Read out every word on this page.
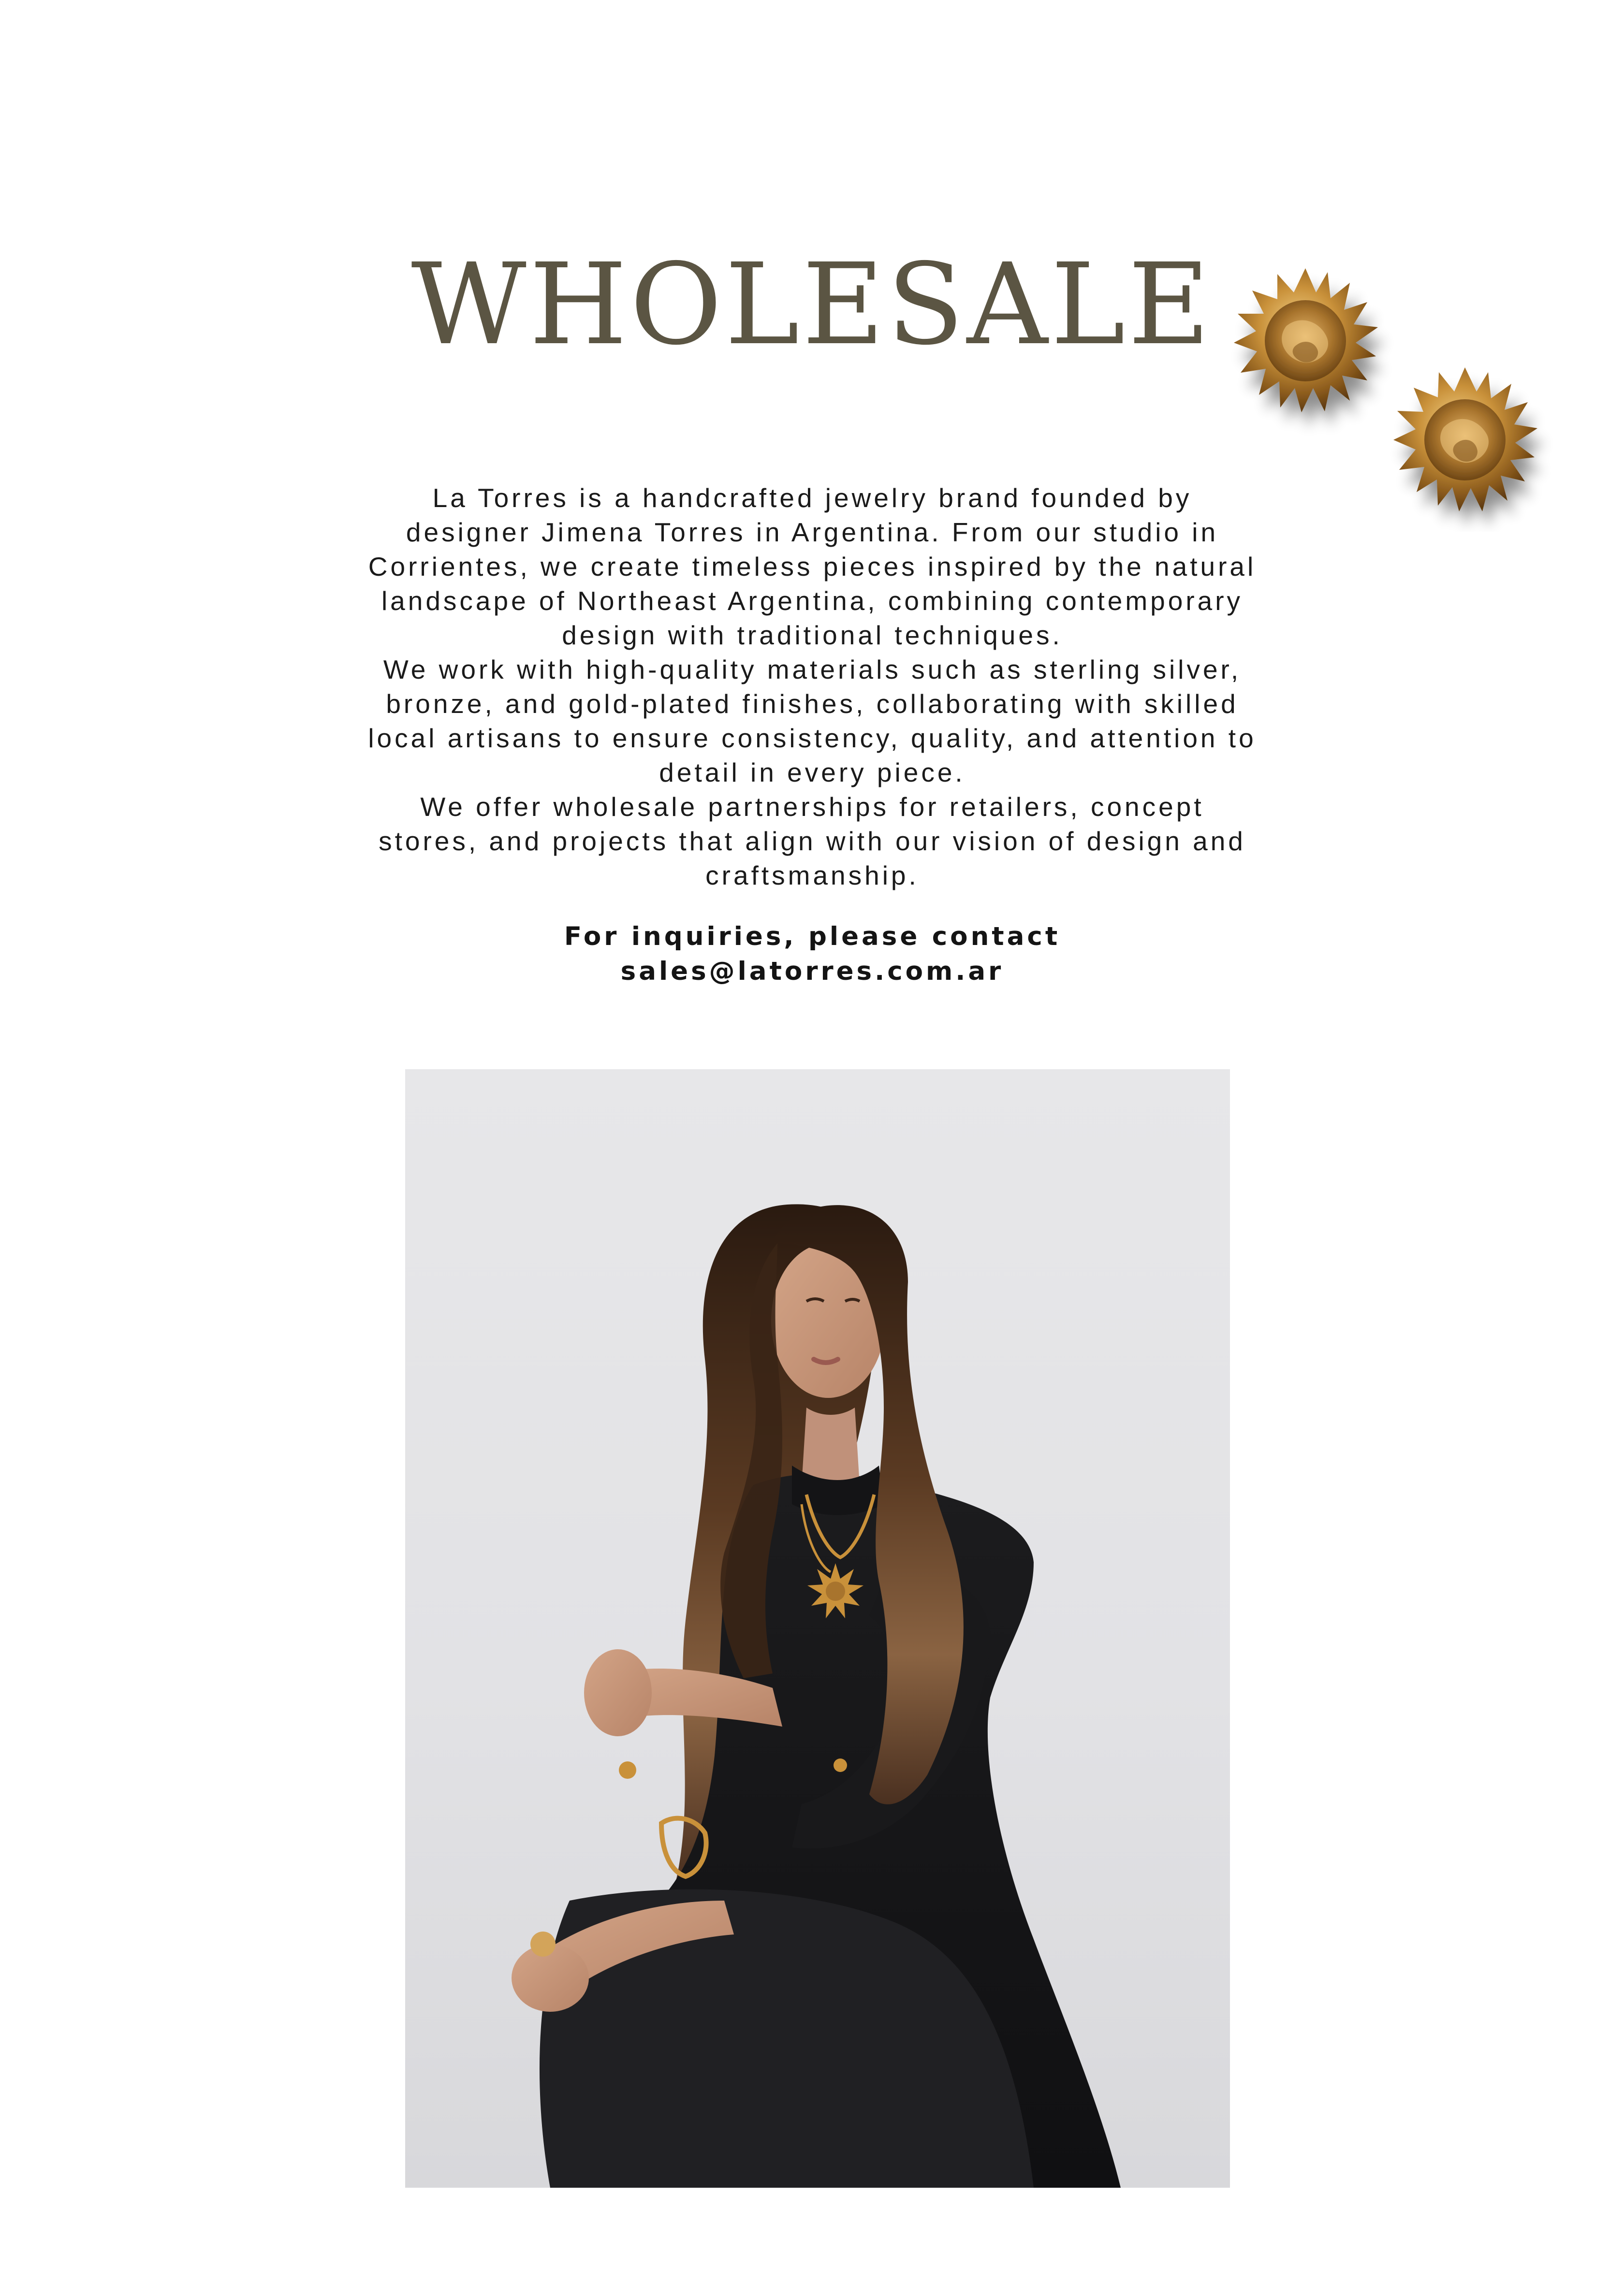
WHOLESALE

La Torres is a handcrafted jewelry brand founded by designer Jimena Torres in Argentina. From our studio in Corrientes, we create timeless pieces inspired by the natural landscape of Northeast Argentina, combining contemporary design with traditional techniques.

We work with high-quality materials such as sterling silver, bronze, and gold-plated finishes, collaborating with skilled local artisans to ensure consistency, quality, and attention to detail in every piece.

We offer wholesale partnerships for retailers, concept stores, and projects that align with our vision of design and craftsmanship.

For inquiries, please contact
sales@latorres.com.ar
